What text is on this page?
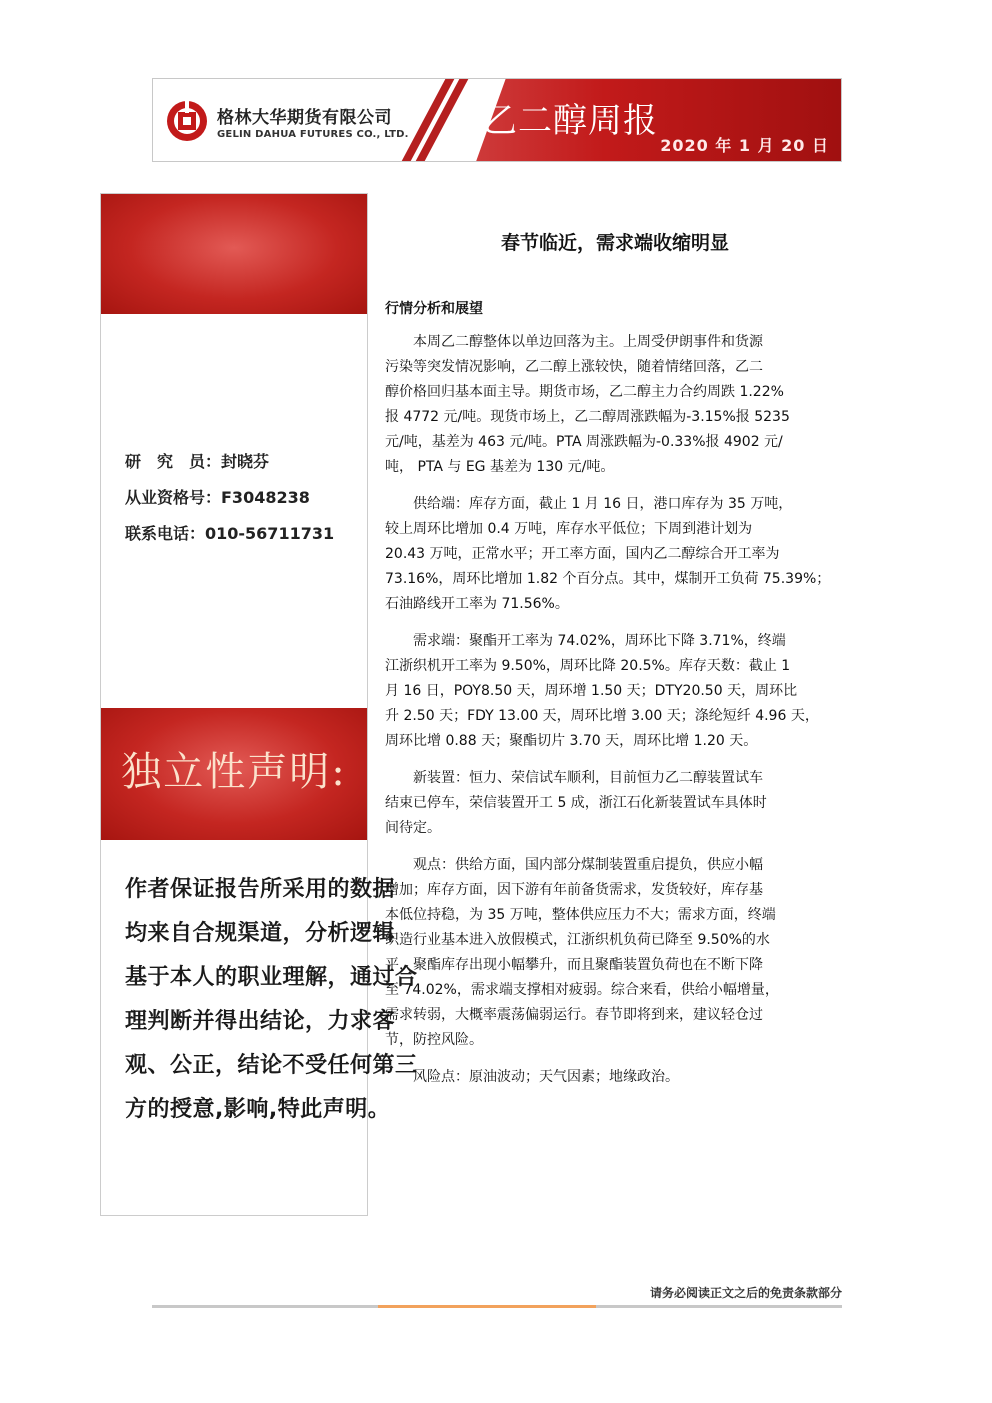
格林大华期货有限公司
GELIN DAHUA FUTURES CO., LTD. 乙二醇周报
2020 年 1 月 20 日
研　究　员：封晓芬
从业资格号：F3048238
联系电话：010-56711731
独立性声明:

作者保证报告所采用的数据

均来自合规渠道，分析逻辑

基于本人的职业理解，通过合

理判断并得出结论，力求客

观、公正，结论不受任何第三

方的授意,影响,特此声明。

春节临近，需求端收缩明显
行情分析和展望
本周乙二醇整体以单边回落为主。上周受伊朗事件和货源
污染等突发情况影响，乙二醇上涨较快，随着情绪回落，乙二
醇价格回归基本面主导。期货市场，乙二醇主力合约周跌 1.22%
报 4772 元/吨。现货市场上，乙二醇周涨跌幅为-3.15%报 5235
元/吨，基差为 463 元/吨。PTA 周涨跌幅为-0.33%报 4902 元/
吨， PTA 与 EG 基差为 130 元/吨。
供给端：库存方面，截止 1 月 16 日，港口库存为 35 万吨，
较上周环比增加 0.4 万吨，库存水平低位；下周到港计划为
20.43 万吨，正常水平；开工率方面，国内乙二醇综合开工率为
73.16%，周环比增加 1.82 个百分点。其中，煤制开工负荷 75.39%；
石油路线开工率为 71.56%。
需求端：聚酯开工率为 74.02%，周环比下降 3.71%，终端
江浙织机开工率为 9.50%，周环比降 20.5%。库存天数：截止 1
月 16 日，POY8.50 天，周环增 1.50 天；DTY20.50 天，周环比
升 2.50 天；FDY 13.00 天，周环比增 3.00 天；涤纶短纤 4.96 天，
周环比增 0.88 天；聚酯切片 3.70 天，周环比增 1.20 天。
新装置：恒力、荣信试车顺利，目前恒力乙二醇装置试车
结束已停车，荣信装置开工 5 成，浙江石化新装置试车具体时
间待定。
观点：供给方面，国内部分煤制装置重启提负，供应小幅
增加；库存方面，因下游有年前备货需求，发货较好，库存基
本低位持稳，为 35 万吨，整体供应压力不大；需求方面，终端
织造行业基本进入放假模式，江浙织机负荷已降至 9.50%的水
平，聚酯库存出现小幅攀升，而且聚酯装置负荷也在不断下降
至 74.02%，需求端支撑相对疲弱。综合来看，供给小幅增量，
需求转弱，大概率震荡偏弱运行。春节即将到来，建议轻仓过
节，防控风险。
风险点：原油波动；天气因素；地缘政治。
请务必阅读正文之后的免责条款部分
